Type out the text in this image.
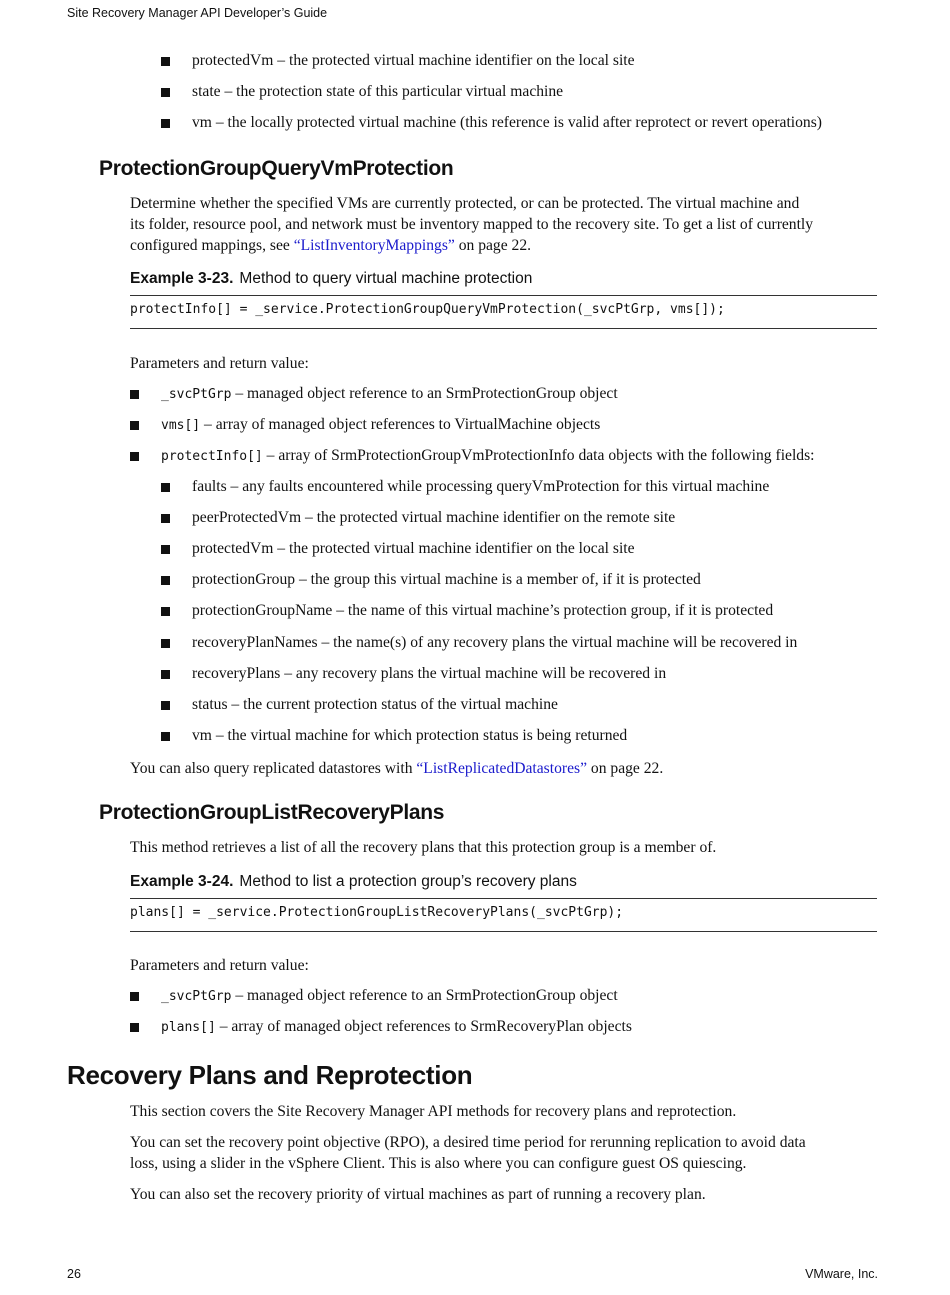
Site Recovery Manager API Developer’s Guide
protectedVm – the protected virtual machine identifier on the local site
state – the protection state of this particular virtual machine
vm – the locally protected virtual machine (this reference is valid after reprotect or revert operations)
ProtectionGroupQueryVmProtection
Determine whether the specified VMs are currently protected, or can be protected. The virtual machine and
its folder, resource pool, and network must be inventory mapped to the recovery site. To get a list of currently
configured mappings, see “ListInventoryMappings” on page 22.
Example 3-23. Method to query virtual machine protection
protectInfo[] = _service.ProtectionGroupQueryVmProtection(_svcPtGrp, vms[]);
Parameters and return value:
_svcPtGrp – managed object reference to an SrmProtectionGroup object
vms[] – array of managed object references to VirtualMachine objects
protectInfo[] – array of SrmProtectionGroupVmProtectionInfo data objects with the following fields:
faults – any faults encountered while processing queryVmProtection for this virtual machine
peerProtectedVm – the protected virtual machine identifier on the remote site
protectedVm – the protected virtual machine identifier on the local site
protectionGroup – the group this virtual machine is a member of, if it is protected
protectionGroupName – the name of this virtual machine’s protection group, if it is protected
recoveryPlanNames – the name(s) of any recovery plans the virtual machine will be recovered in
recoveryPlans – any recovery plans the virtual machine will be recovered in
status – the current protection status of the virtual machine
vm – the virtual machine for which protection status is being returned
You can also query replicated datastores with “ListReplicatedDatastores” on page 22.
ProtectionGroupListRecoveryPlans
This method retrieves a list of all the recovery plans that this protection group is a member of.
Example 3-24. Method to list a protection group’s recovery plans
plans[] = _service.ProtectionGroupListRecoveryPlans(_svcPtGrp);
Parameters and return value:
_svcPtGrp – managed object reference to an SrmProtectionGroup object
plans[] – array of managed object references to SrmRecoveryPlan objects
Recovery Plans and Reprotection
This section covers the Site Recovery Manager API methods for recovery plans and reprotection.
You can set the recovery point objective (RPO), a desired time period for rerunning replication to avoid data
loss, using a slider in the vSphere Client. This is also where you can configure guest OS quiescing.
You can also set the recovery priority of virtual machines as part of running a recovery plan.
26	VMware, Inc.
